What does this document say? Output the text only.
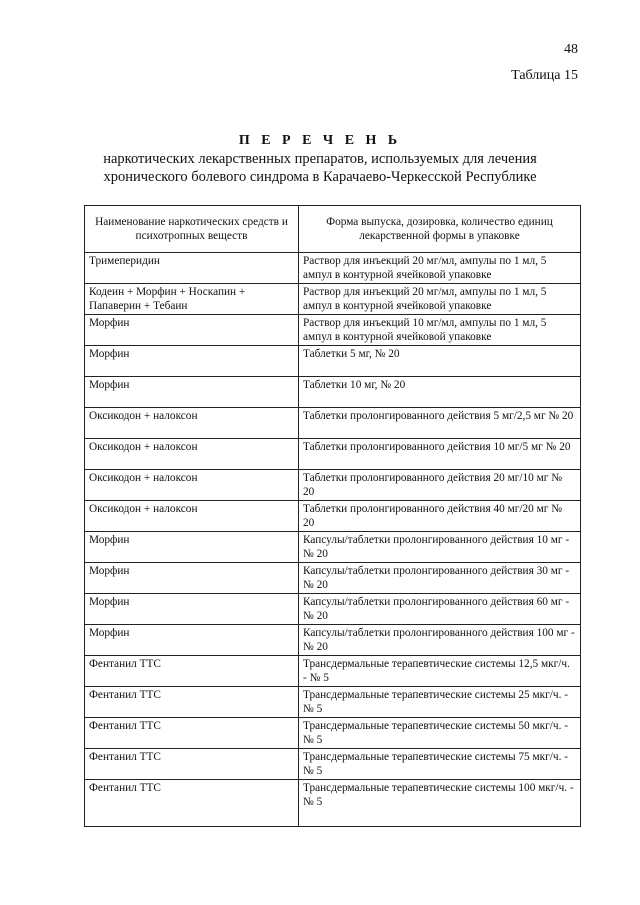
48
Таблица 15
П Е Р Е Ч Е Н Ь
наркотических лекарственных препаратов, используемых для лечения
хронического болевого синдрома в Карачаево-Черкесской Республике
Наименование наркотических средств и психотропных веществ	Форма выпуска, дозировка, количество единиц лекарственной формы в упаковке
Тримеперидин	Раствор для инъекций 20 мг/мл, ампулы по 1 мл, 5 ампул в контурной ячейковой упаковке
Кодеин + Морфин + Носкапин + Папаверин + Тебаин	Раствор для инъекций 20 мг/мл, ампулы по 1 мл, 5 ампул в контурной ячейковой упаковке
Морфин	Раствор для инъекций 10 мг/мл, ампулы по 1 мл, 5 ампул в контурной ячейковой упаковке
Морфин	Таблетки 5 мг, № 20
Морфин	Таблетки 10 мг, № 20
Оксикодон + налоксон	Таблетки пролонгированного действия 5 мг/2,5 мг № 20
Оксикодон + налоксон	Таблетки пролонгированного действия 10 мг/5 мг № 20
Оксикодон + налоксон	Таблетки пролонгированного действия 20 мг/10 мг № 20
Оксикодон + налоксон	Таблетки пролонгированного действия 40 мг/20 мг № 20
Морфин	Капсулы/таблетки пролонгированного действия 10 мг - № 20
Морфин	Капсулы/таблетки пролонгированного действия 30 мг - № 20
Морфин	Капсулы/таблетки пролонгированного действия 60 мг - № 20
Морфин	Капсулы/таблетки пролонгированного действия 100 мг - № 20
Фентанил ТТС	Трансдермальные терапевтические системы 12,5 мкг/ч. - № 5
Фентанил ТТС	Трансдермальные терапевтические системы 25 мкг/ч. - № 5
Фентанил ТТС	Трансдермальные терапевтические системы 50 мкг/ч. - № 5
Фентанил ТТС	Трансдермальные терапевтические системы 75 мкг/ч. - № 5
Фентанил ТТС	Трансдермальные терапевтические системы 100 мкг/ч. - № 5
